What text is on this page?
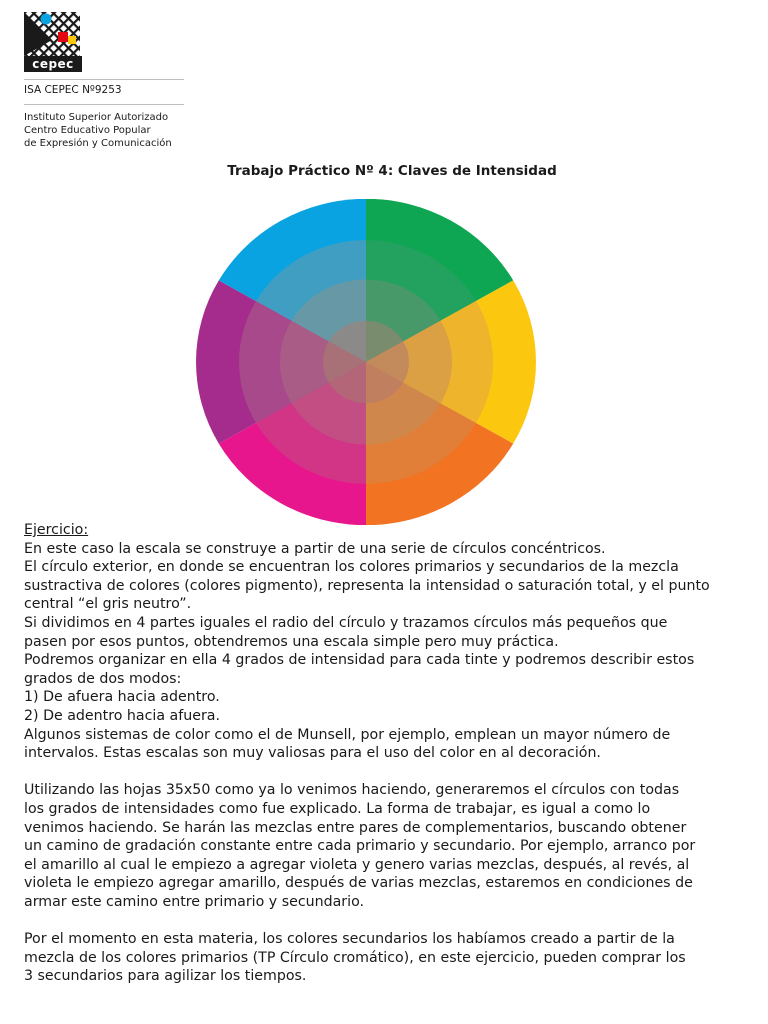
cepec
ISA CEPEC Nº9253
Instituto Superior Autorizado
Centro Educativo Popular
de Expresión y Comunicación
Trabajo Práctico Nº 4: Claves de Intensidad

Ejercicio:

En este caso la escala se construye a partir de una serie de círculos concéntricos.

El círculo exterior, en donde se encuentran los colores primarios y secundarios de la mezcla

sustractiva de colores (colores pigmento), representa la intensidad o saturación total, y el punto

central “el gris neutro”.

Si dividimos en 4 partes iguales el radio del círculo y trazamos círculos más pequeños que

pasen por esos puntos, obtendremos una escala simple pero muy práctica.

Podremos organizar en ella 4 grados de intensidad para cada tinte y podremos describir estos

grados de dos modos:

1) De afuera hacia adentro.

2) De adentro hacia afuera.

Algunos sistemas de color como el de Munsell, por ejemplo, emplean un mayor número de

intervalos. Estas escalas son muy valiosas para el uso del color en al decoración.

Utilizando las hojas 35x50 como ya lo venimos haciendo, generaremos el círculos con todas

los grados de intensidades como fue explicado. La forma de trabajar, es igual a como lo

venimos haciendo. Se harán las mezclas entre pares de complementarios, buscando obtener

un camino de gradación constante entre cada primario y secundario. Por ejemplo, arranco por

el amarillo al cual le empiezo a agregar violeta y genero varias mezclas, después, al revés, al

violeta le empiezo agregar amarillo, después de varias mezclas, estaremos en condiciones de

armar este camino entre primario y secundario.

Por el momento en esta materia, los colores secundarios los habíamos creado a partir de la

mezcla de los colores primarios (TP Círculo cromático), en este ejercicio, pueden comprar los

3 secundarios para agilizar los tiempos.
